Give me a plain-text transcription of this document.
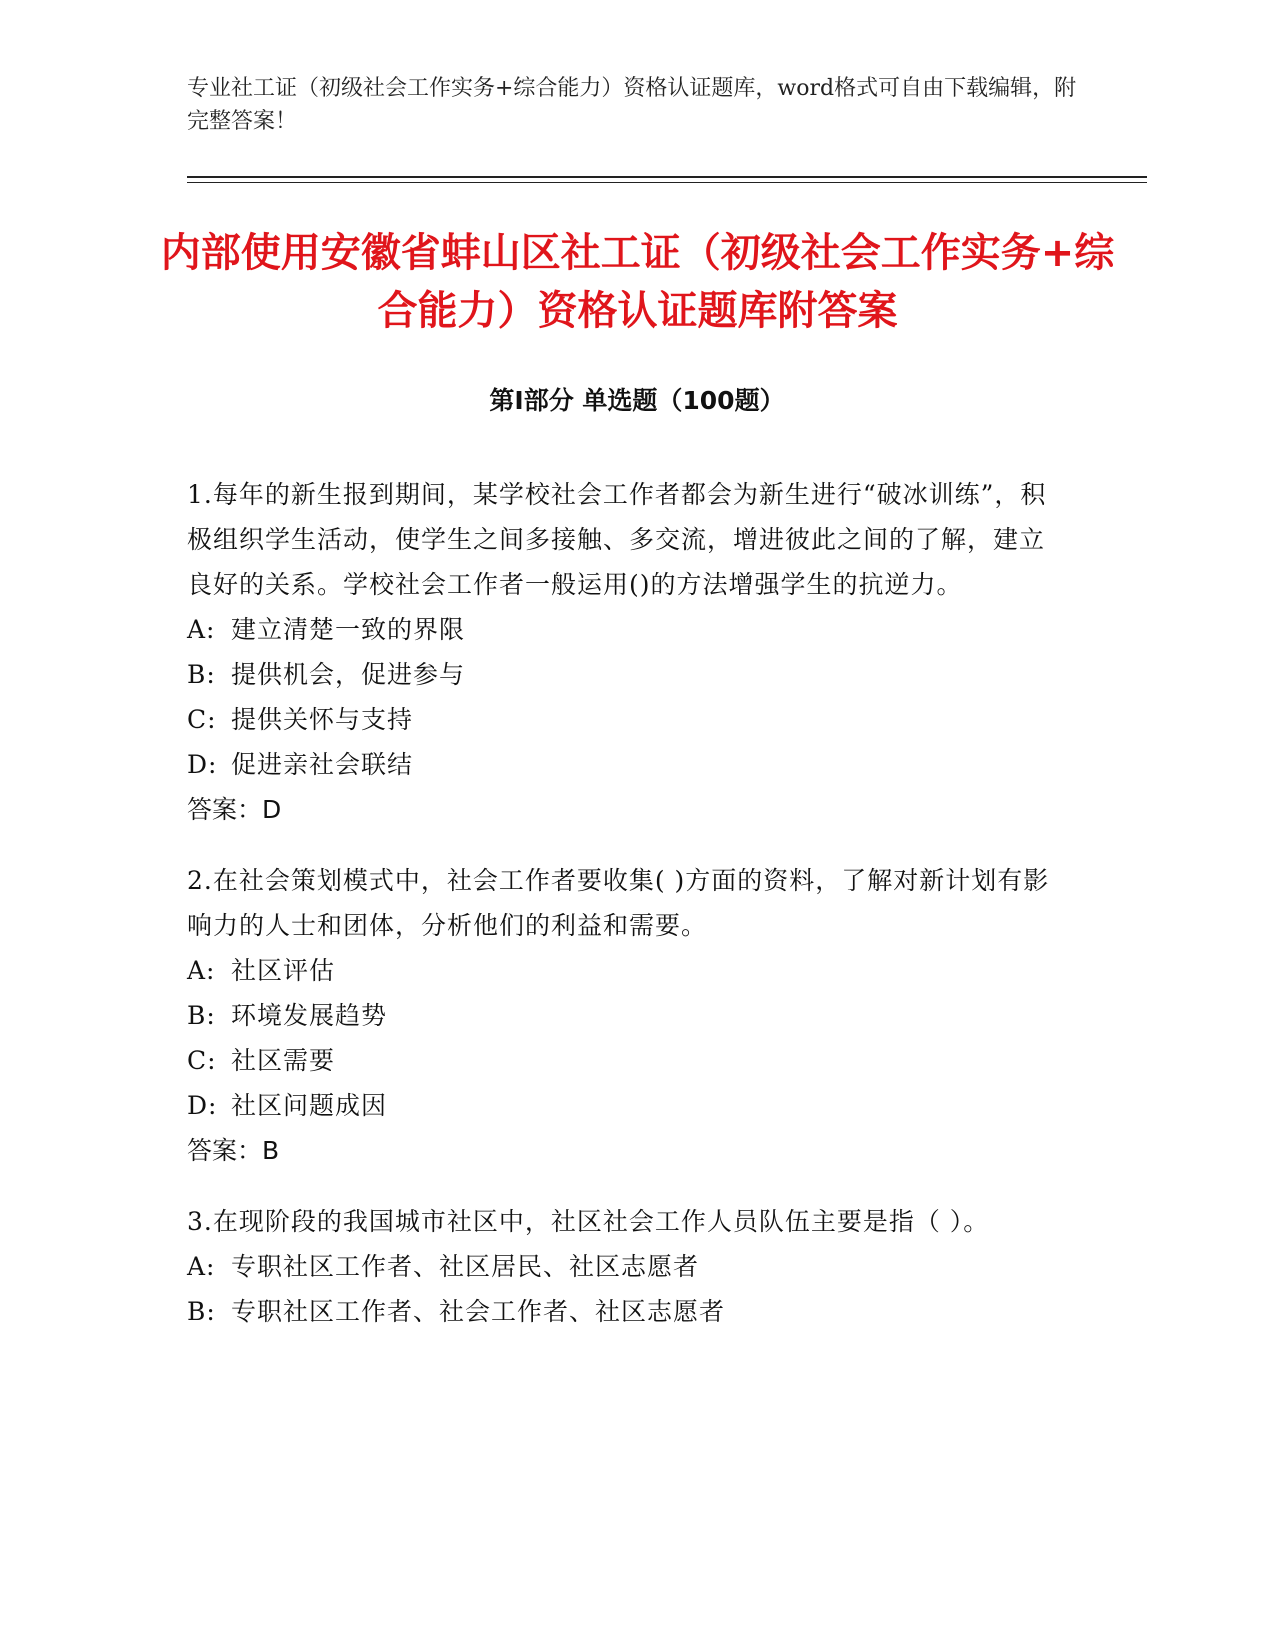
专业社工证（初级社会工作实务+综合能力）资格认证题库，word格式可自由下载编辑，附完整答案！

内部使用安徽省蚌山区社工证（初级社会工作实务+综合能力）资格认证题库附答案
第Ⅰ部分 单选题（100题）

1.每年的新生报到期间，某学校社会工作者都会为新生进行“破冰训练”，积极组织学生活动，使学生之间多接触、多交流，增进彼此之间的了解，建立良好的关系。学校社会工作者一般运用()的方法增强学生的抗逆力。

A: 建立清楚一致的界限

B: 提供机会，促进参与

C: 提供关怀与支持

D: 促进亲社会联结

答案：D

2.在社会策划模式中，社会工作者要收集( )方面的资料，了解对新计划有影响力的人士和团体，分析他们的利益和需要。

A: 社区评估

B: 环境发展趋势

C: 社区需要

D: 社区问题成因

答案：B

3.在现阶段的我国城市社区中，社区社会工作人员队伍主要是指（ ）。

A: 专职社区工作者、社区居民、社区志愿者

B: 专职社区工作者、社会工作者、社区志愿者
